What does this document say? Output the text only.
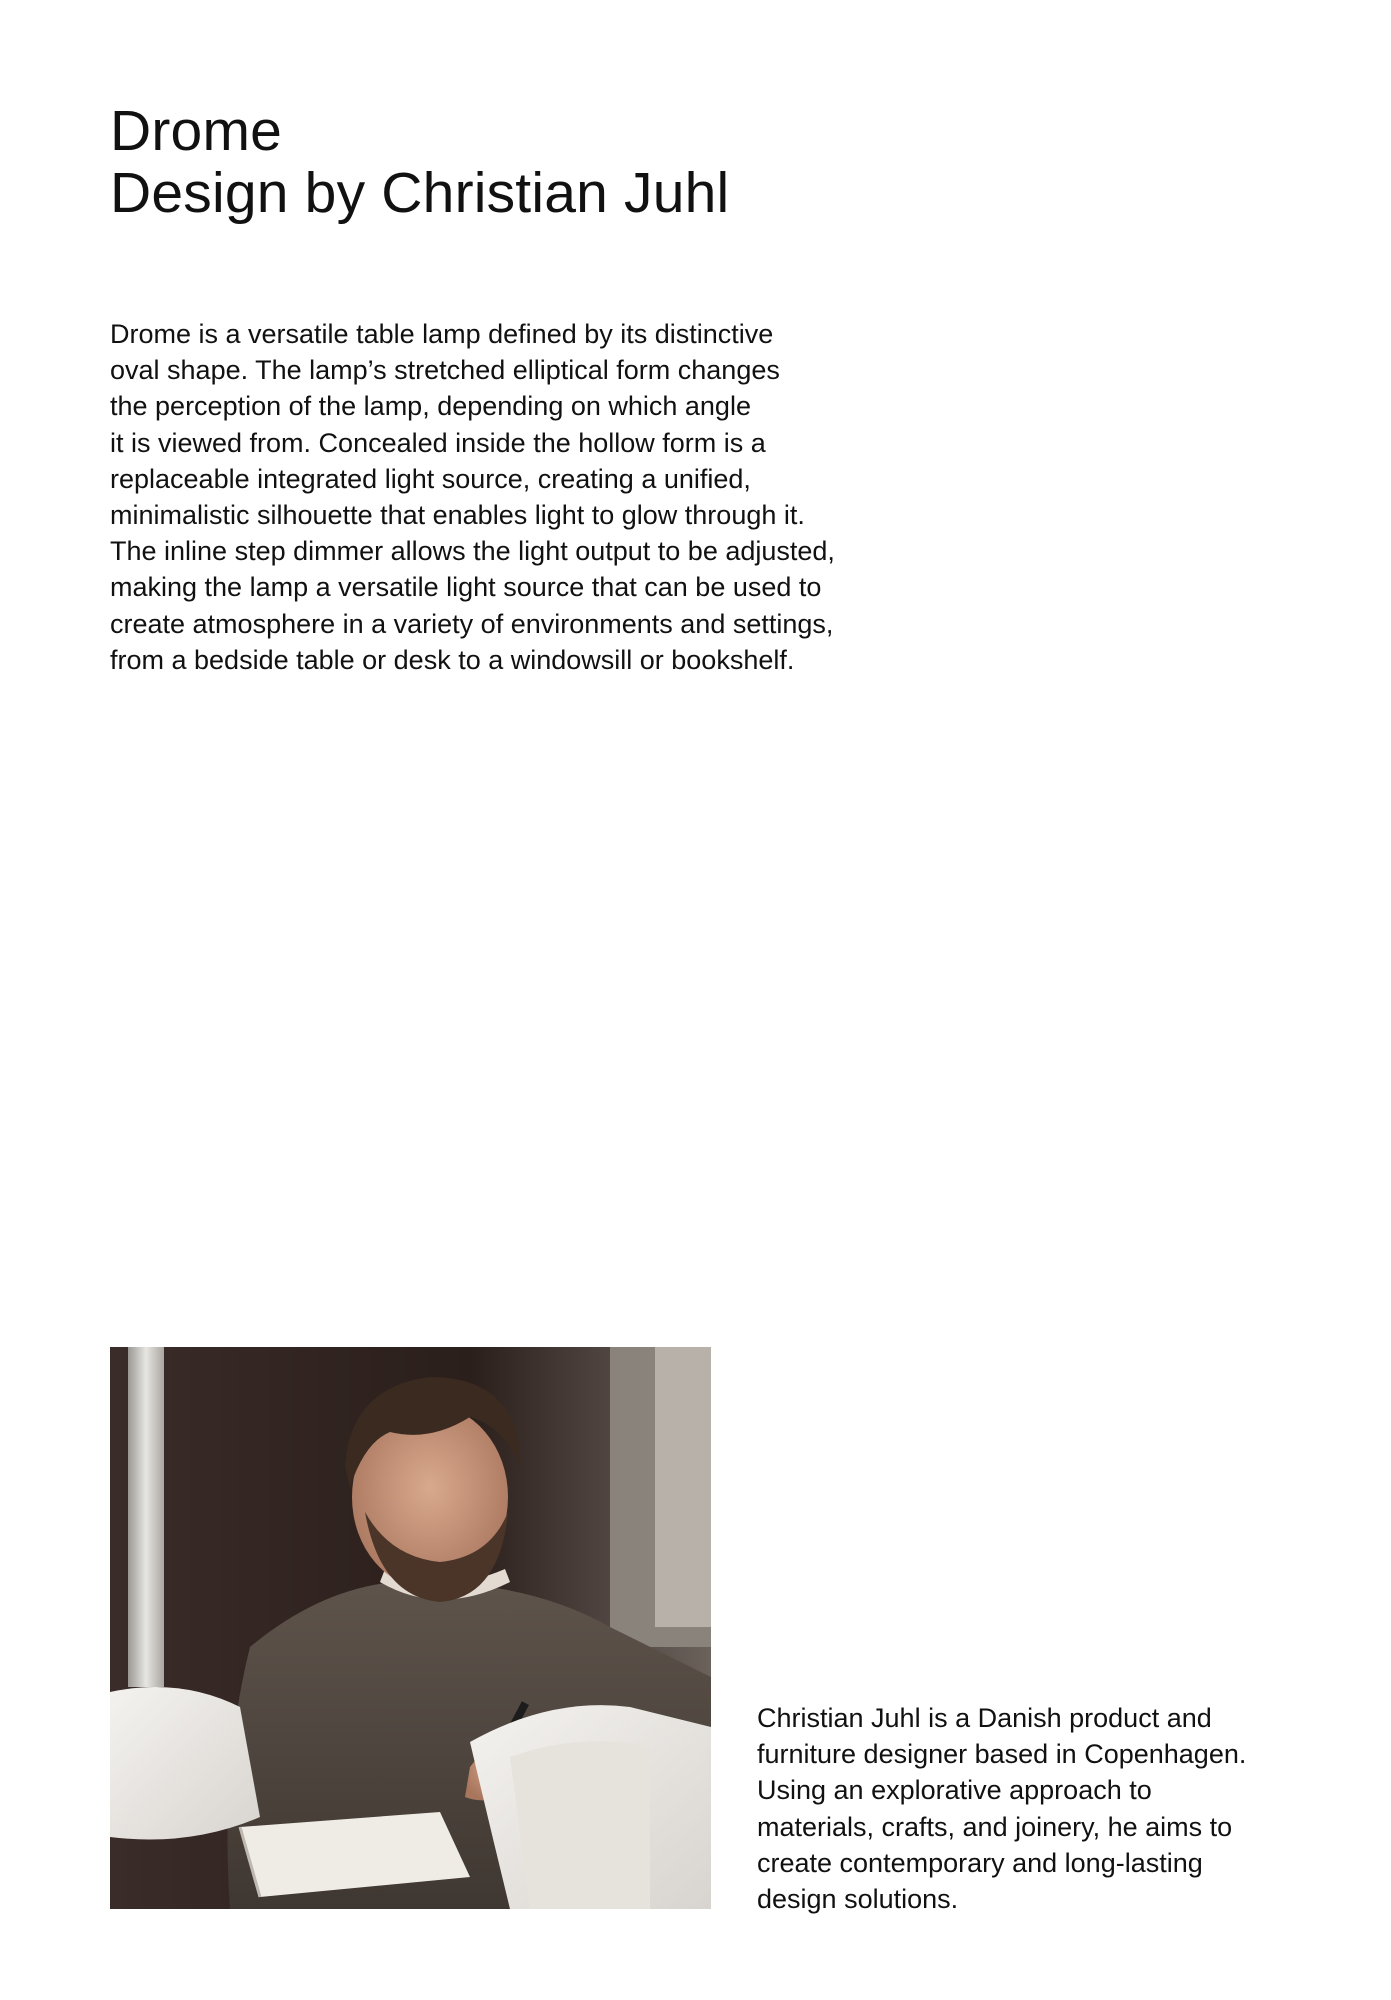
Drome
Design by Christian Juhl

Drome is a versatile table lamp defined by its distinctive
oval shape. The lamp’s stretched elliptical form changes
the perception of the lamp, depending on which angle
it is viewed from. Concealed inside the hollow form is a
replaceable integrated light source, creating a unified,
minimalistic silhouette that enables light to glow through it.
The inline step dimmer allows the light output to be adjusted,
making the lamp a versatile light source that can be used to
create atmosphere in a variety of environments and settings,
from a bedside table or desk to a windowsill or bookshelf.

Christian Juhl is a Danish product and
furniture designer based in Copenhagen.
Using an explorative approach to
materials, crafts, and joinery, he aims to
create contemporary and long-lasting
design solutions.
